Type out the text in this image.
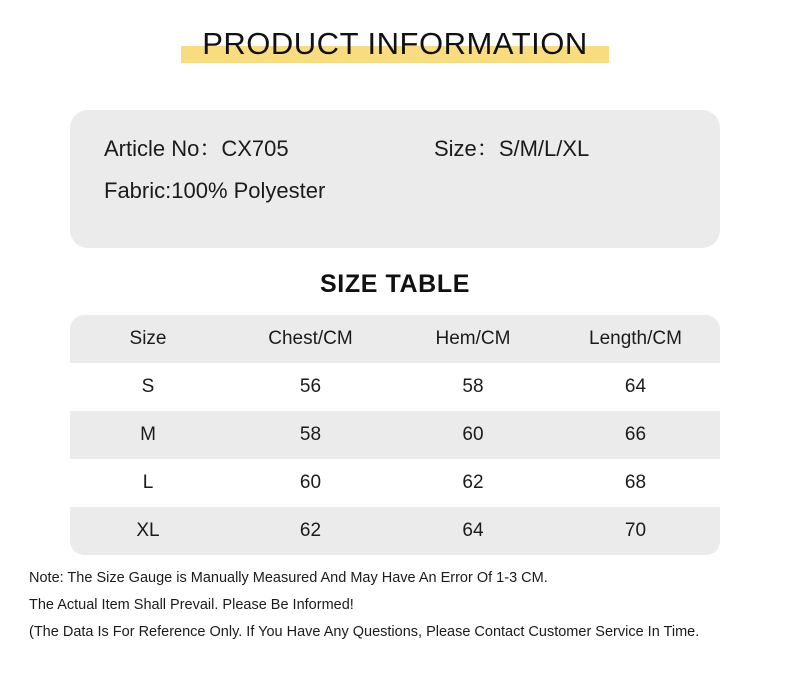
PRODUCT INFORMATION
Article No：CX705	Size：S/M/L/XL
Fabric:100% Polyester
SIZE TABLE
Size	Chest/CM	Hem/CM	Length/CM
S	56	58	64
M	58	60	66
L	60	62	68
XL	62	64	70

Note: The Size Gauge is Manually Measured And May Have An Error Of 1-3 CM.

The Actual Item Shall Prevail. Please Be Informed!

(The Data Is For Reference Only. If You Have Any Questions, Please Contact Customer Service In Time.
